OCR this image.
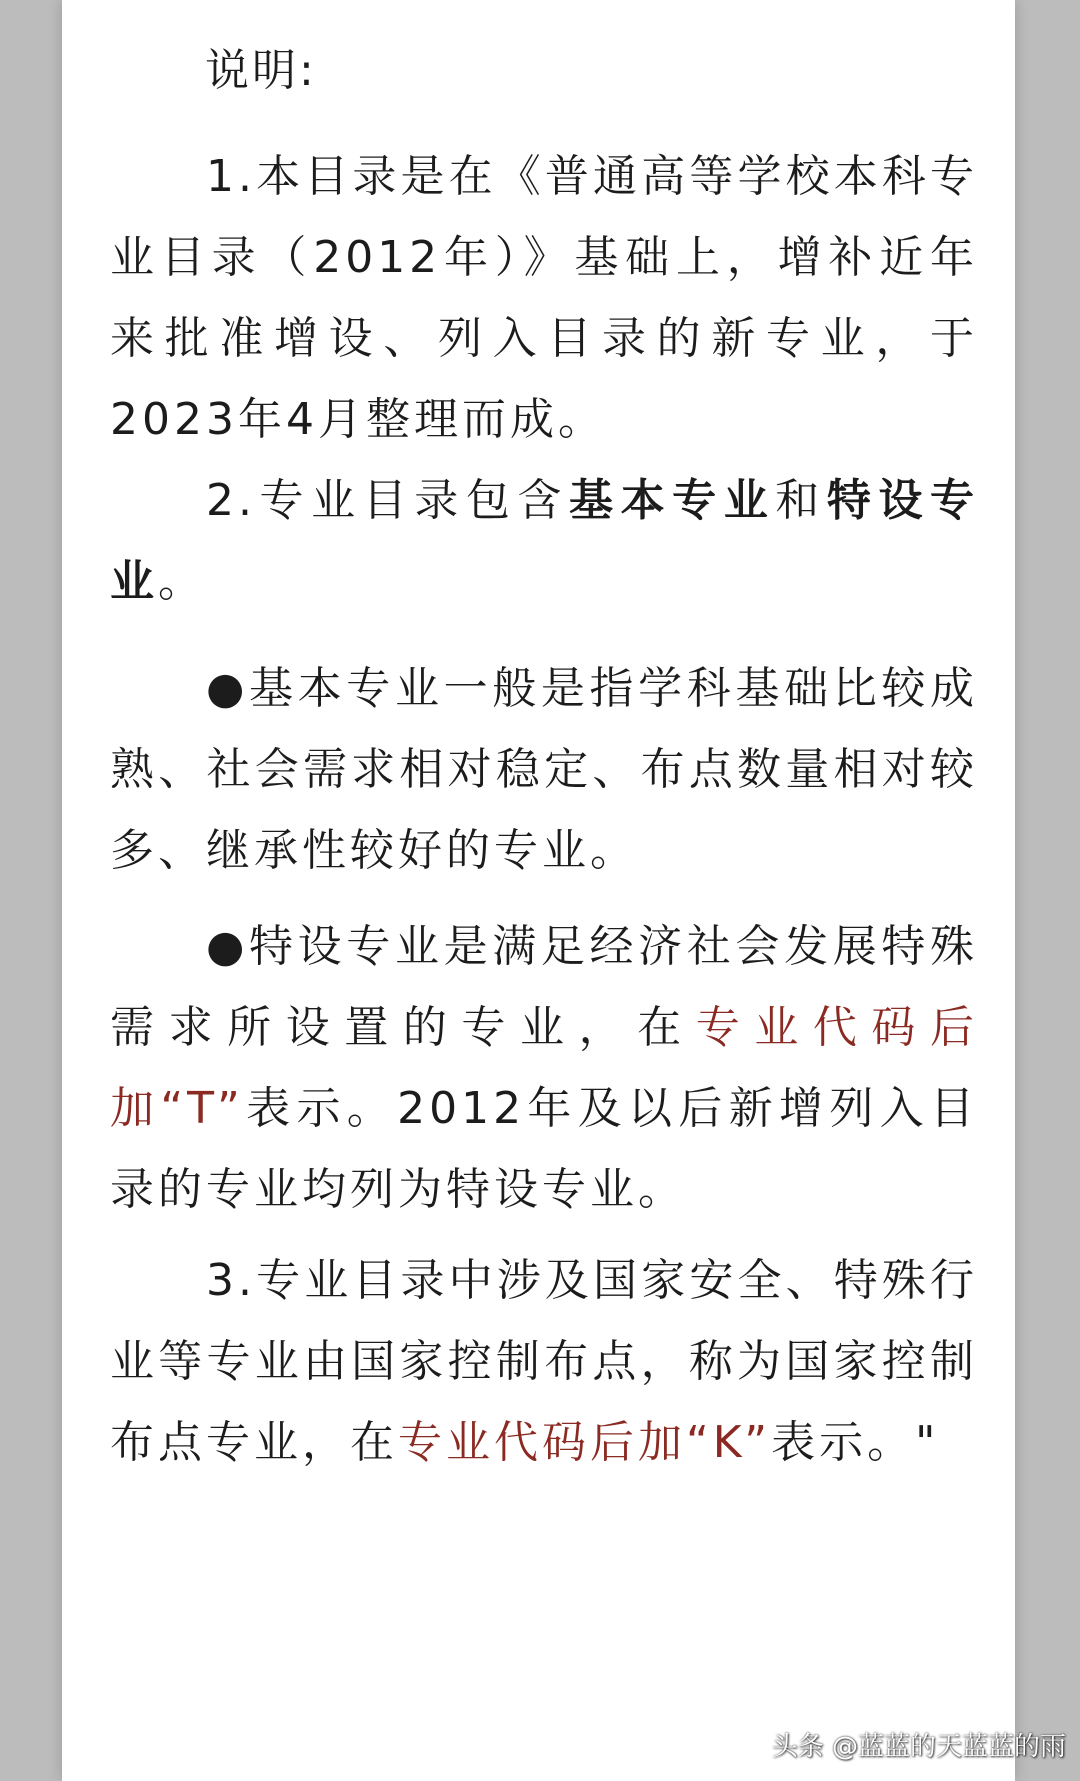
说明:

1.本目录是在《普通高等学校本科专业目录（2012年）》基础上，增补近年来批准增设、列入目录的新专业，于2023年4月整理而成。

2.专业目录包含基本专业和特设专业。

●基本专业一般是指学科基础比较成熟、社会需求相对稳定、布点数量相对较多、继承性较好的专业。

●特设专业是满足经济社会发展特殊需求所设置的专业，在专业代码后加“T”表示。2012年及以后新增列入目录的专业均列为特设专业。

3.专业目录中涉及国家安全、特殊行业等专业由国家控制布点，称为国家控制布点专业，在专业代码后加“K”表示。"

头条 @蓝蓝的天蓝蓝的雨
